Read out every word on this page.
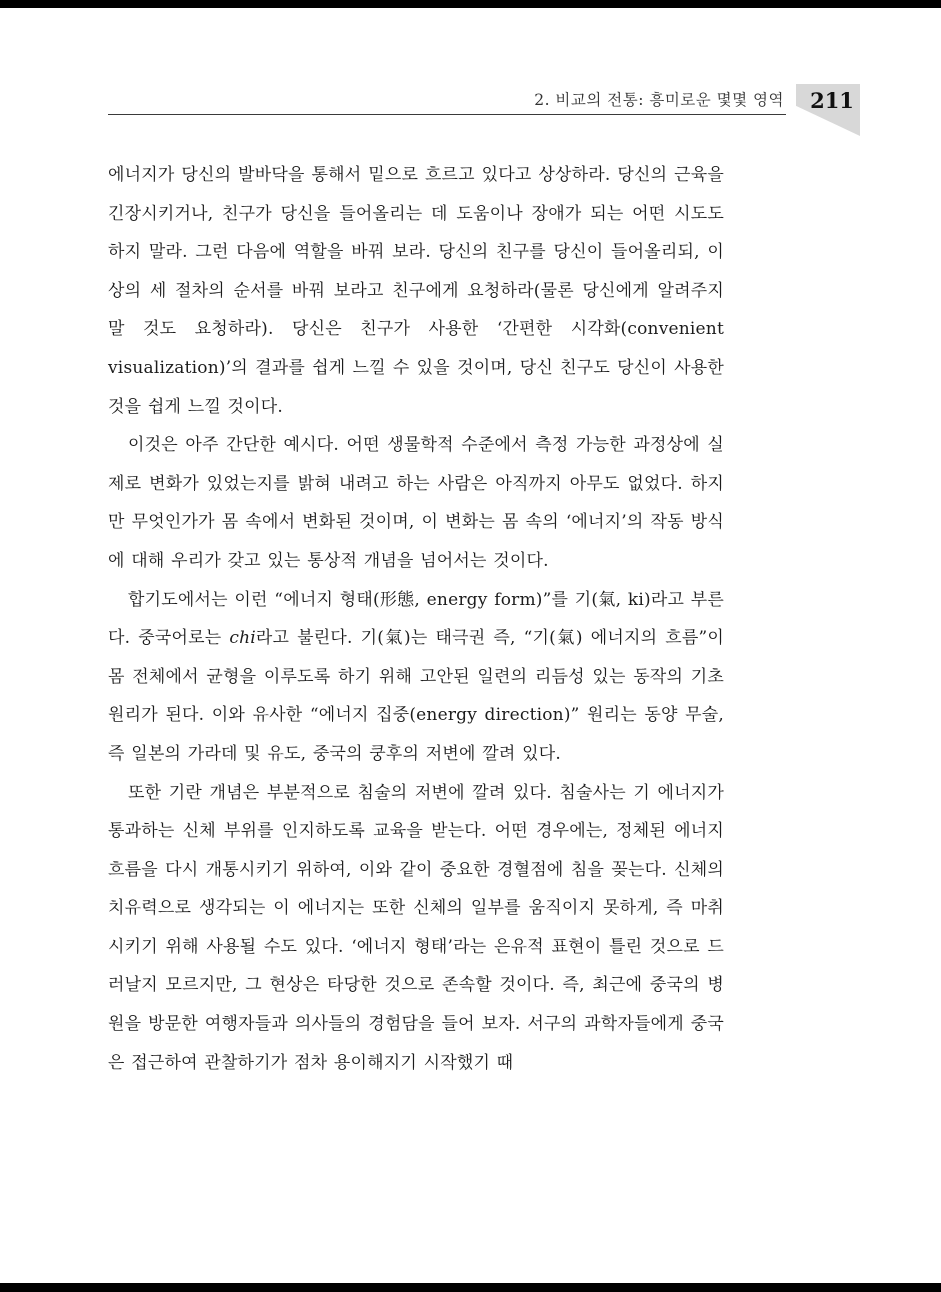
2. 비교의 전통: 흥미로운 몇몇 영역	211

에너지가 당신의 발바닥을 통해서 밑으로 흐르고 있다고 상상하라. 당신의 근육을 긴장시키거나, 친구가 당신을 들어올리는 데 도움이나 장애가 되는 어떤 시도도 하지 말라. 그런 다음에 역할을 바꿔 보라. 당신의 친구를 당신이 들어올리되, 이상의 세 절차의 순서를 바꿔 보라고 친구에게 요청하라(물론 당신에게 알려주지 말 것도 요청하라). 당신은 친구가 사용한 ‘간편한 시각화(convenient visualization)’의 결과를 쉽게 느낄 수 있을 것이며, 당신 친구도 당신이 사용한 것을 쉽게 느낄 것이다.

이것은 아주 간단한 예시다. 어떤 생물학적 수준에서 측정 가능한 과정상에 실제로 변화가 있었는지를 밝혀 내려고 하는 사람은 아직까지 아무도 없었다. 하지만 무엇인가가 몸 속에서 변화된 것이며, 이 변화는 몸 속의 ‘에너지’의 작동 방식에 대해 우리가 갖고 있는 통상적 개념을 넘어서는 것이다.

합기도에서는 이런 “에너지 형태(形態, energy form)”를 기(氣, ki)라고 부른다. 중국어로는 chi라고 불린다. 기(氣)는 태극권 즉, “기(氣) 에너지의 흐름”이 몸 전체에서 균형을 이루도록 하기 위해 고안된 일련의 리듬성 있는 동작의 기초 원리가 된다. 이와 유사한 “에너지 집중(energy direction)” 원리는 동양 무술, 즉 일본의 가라데 및 유도, 중국의 쿵후의 저변에 깔려 있다.

또한 기란 개념은 부분적으로 침술의 저변에 깔려 있다. 침술사는 기 에너지가 통과하는 신체 부위를 인지하도록 교육을 받는다. 어떤 경우에는, 정체된 에너지 흐름을 다시 개통시키기 위하여, 이와 같이 중요한 경혈점에 침을 꽂는다. 신체의 치유력으로 생각되는 이 에너지는 또한 신체의 일부를 움직이지 못하게, 즉 마취시키기 위해 사용될 수도 있다. ‘에너지 형태’라는 은유적 표현이 틀린 것으로 드러날지 모르지만, 그 현상은 타당한 것으로 존속할 것이다. 즉, 최근에 중국의 병원을 방문한 여행자들과 의사들의 경험담을 들어 보자. 서구의 과학자들에게 중국은 접근하여 관찰하기가 점차 용이해지기 시작했기 때
